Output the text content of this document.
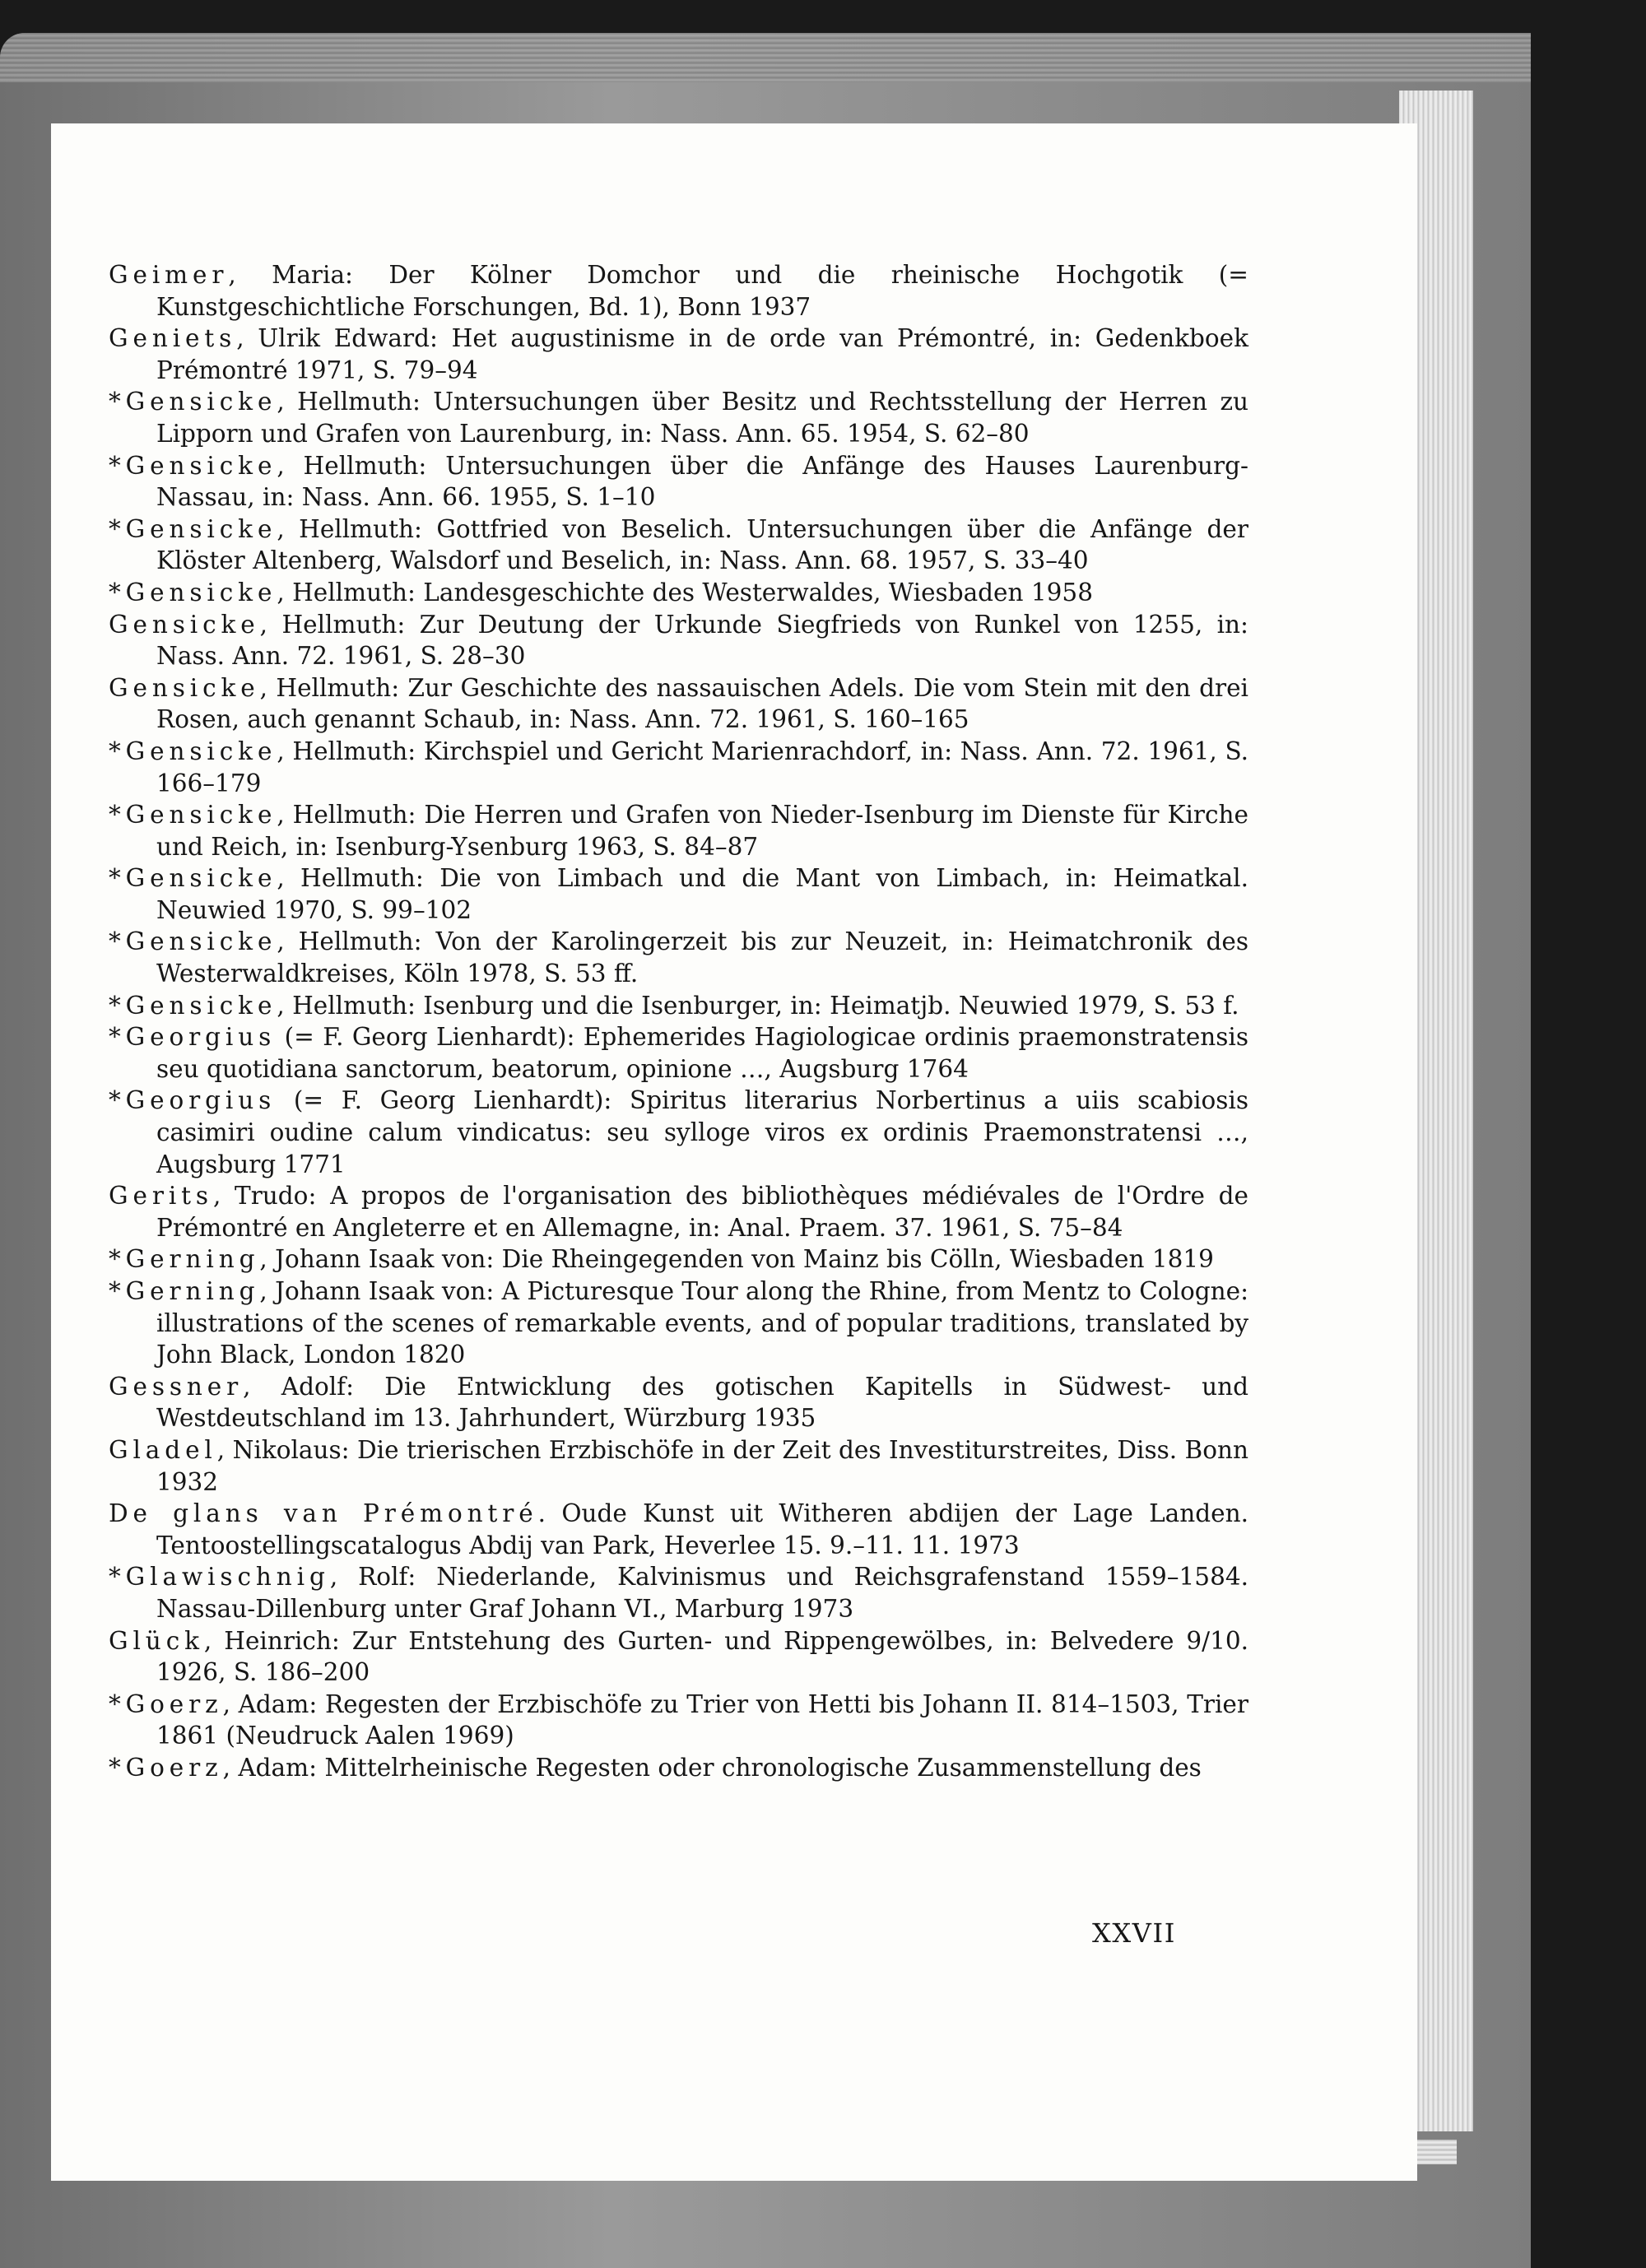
Geimer, Maria: Der Kölner Domchor und die rheinische Hochgotik (= Kunstgeschichtliche Forschungen, Bd. 1), Bonn 1937
Geniets, Ulrik Edward: Het augustinisme in de orde van Prémontré, in: Gedenkboek Prémontré 1971, S. 79–94
*Gensicke, Hellmuth: Untersuchungen über Besitz und Rechtsstellung der Herren zu Lipporn und Grafen von Laurenburg, in: Nass. Ann. 65. 1954, S. 62–80
*Gensicke, Hellmuth: Untersuchungen über die Anfänge des Hauses Laurenburg-Nassau, in: Nass. Ann. 66. 1955, S. 1–10
*Gensicke, Hellmuth: Gottfried von Beselich. Untersuchungen über die Anfänge der Klöster Altenberg, Walsdorf und Beselich, in: Nass. Ann. 68. 1957, S. 33–40
*Gensicke, Hellmuth: Landesgeschichte des Westerwaldes, Wiesbaden 1958
Gensicke, Hellmuth: Zur Deutung der Urkunde Siegfrieds von Runkel von 1255, in: Nass. Ann. 72. 1961, S. 28–30
Gensicke, Hellmuth: Zur Geschichte des nassauischen Adels. Die vom Stein mit den drei Rosen, auch genannt Schaub, in: Nass. Ann. 72. 1961, S. 160–165
*Gensicke, Hellmuth: Kirchspiel und Gericht Marienrachdorf, in: Nass. Ann. 72. 1961, S. 166–179
*Gensicke, Hellmuth: Die Herren und Grafen von Nieder-Isenburg im Dienste für Kirche und Reich, in: Isenburg-Ysenburg 1963, S. 84–87
*Gensicke, Hellmuth: Die von Limbach und die Mant von Limbach, in: Heimatkal. Neuwied 1970, S. 99–102
*Gensicke, Hellmuth: Von der Karolingerzeit bis zur Neuzeit, in: Heimatchronik des Westerwaldkreises, Köln 1978, S. 53 ff.
*Gensicke, Hellmuth: Isenburg und die Isenburger, in: Heimatjb. Neuwied 1979, S. 53 f.
*Georgius (= F. Georg Lienhardt): Ephemerides Hagiologicae ordinis praemonstratensis seu quotidiana sanctorum, beatorum, opinione …, Augsburg 1764
*Georgius (= F. Georg Lienhardt): Spiritus literarius Norbertinus a uiis scabiosis casimiri oudine calum vindicatus: seu sylloge viros ex ordinis Praemonstratensi …, Augsburg 1771
Gerits, Trudo: A propos de l'organisation des bibliothèques médiévales de l'Ordre de Prémontré en Angleterre et en Allemagne, in: Anal. Praem. 37. 1961, S. 75–84
*Gerning, Johann Isaak von: Die Rheingegenden von Mainz bis Cölln, Wiesbaden 1819
*Gerning, Johann Isaak von: A Picturesque Tour along the Rhine, from Mentz to Cologne: illustrations of the scenes of remarkable events, and of popular traditions, translated by John Black, London 1820
Gessner, Adolf: Die Entwicklung des gotischen Kapitells in Südwest- und Westdeutschland im 13. Jahrhundert, Würzburg 1935
Gladel, Nikolaus: Die trierischen Erzbischöfe in der Zeit des Investiturstreites, Diss. Bonn 1932
De glans van Prémontré. Oude Kunst uit Witheren abdijen der Lage Landen. Tentoostellingscatalogus Abdij van Park, Heverlee 15. 9.–11. 11. 1973
*Glawischnig, Rolf: Niederlande, Kalvinismus und Reichsgrafenstand 1559–1584. Nassau-Dillenburg unter Graf Johann VI., Marburg 1973
Glück, Heinrich: Zur Entstehung des Gurten- und Rippengewölbes, in: Belvedere 9/10. 1926, S. 186–200
*Goerz, Adam: Regesten der Erzbischöfe zu Trier von Hetti bis Johann II. 814–1503, Trier 1861 (Neudruck Aalen 1969)
*Goerz, Adam: Mittelrheinische Regesten oder chronologische Zusammenstellung des
XXVII
